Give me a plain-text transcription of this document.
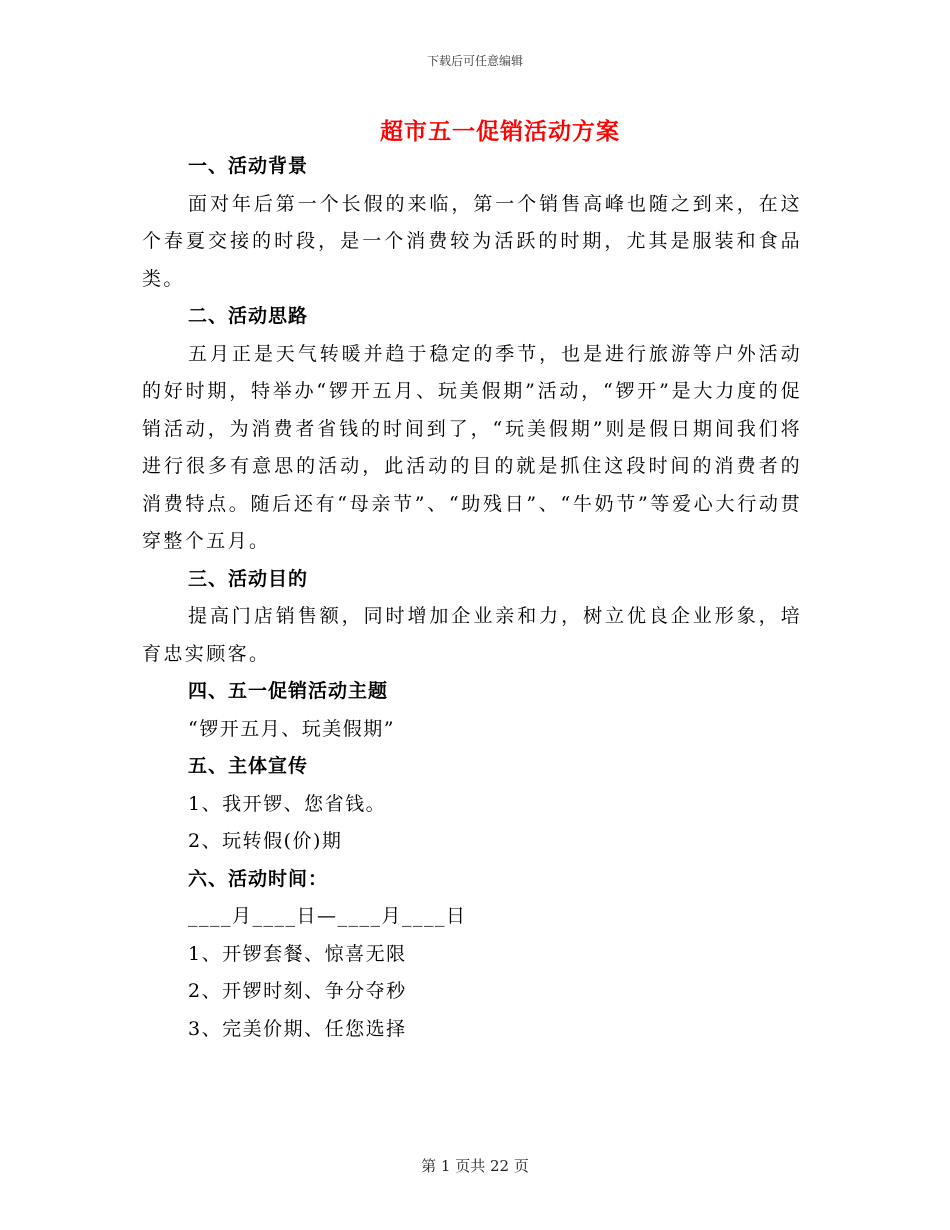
下载后可任意编辑
超市五一促销活动方案
一、活动背景
面对年后第一个长假的来临，第一个销售高峰也随之到来，在这个春夏交接的时段，是一个消费较为活跃的时期，尤其是服装和食品类。
二、活动思路
五月正是天气转暖并趋于稳定的季节，也是进行旅游等户外活动的好时期，特举办“锣开五月、玩美假期”活动，“锣开”是大力度的促销活动，为消费者省钱的时间到了，“玩美假期”则是假日期间我们将进行很多有意思的活动，此活动的目的就是抓住这段时间的消费者的消费特点。随后还有“母亲节”、“助残日”、“牛奶节”等爱心大行动贯穿整个五月。
三、活动目的
提高门店销售额，同时增加企业亲和力，树立优良企业形象，培育忠实顾客。
四、五一促销活动主题
“锣开五月、玩美假期”
五、主体宣传
1、我开锣、您省钱。
2、玩转假(价)期
六、活动时间：
____月____日—____月____日
1、开锣套餐、惊喜无限
2、开锣时刻、争分夺秒
3、完美价期、任您选择
第 1 页共 22 页
